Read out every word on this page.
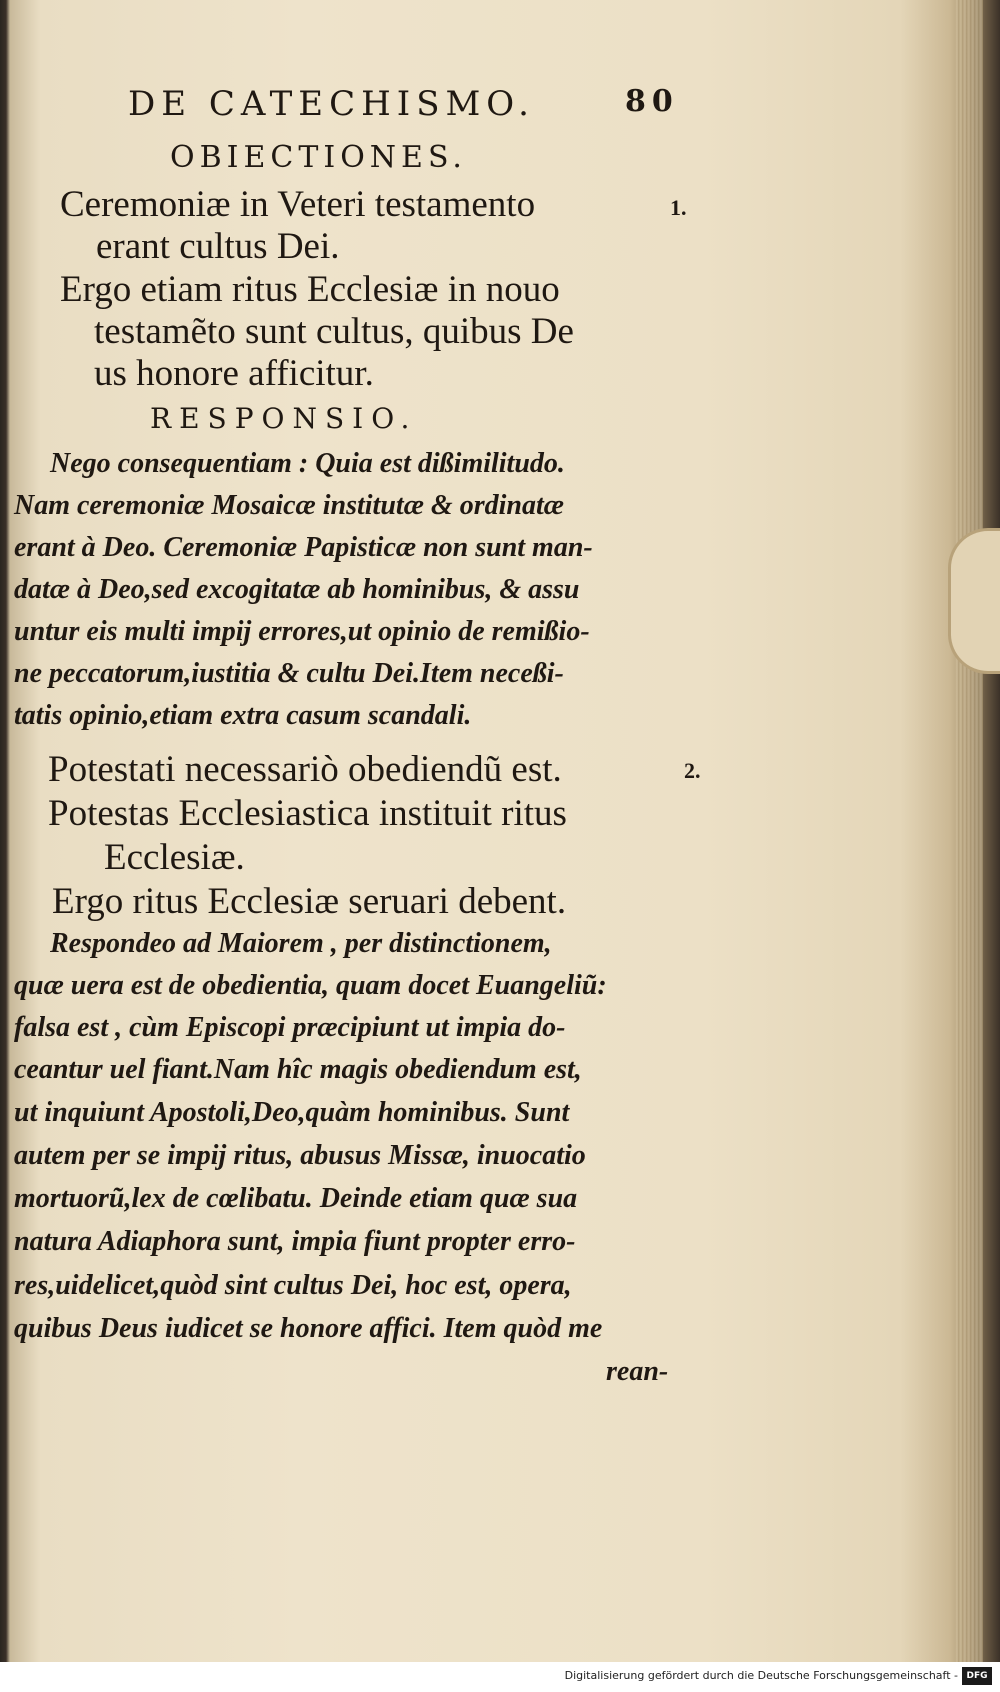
DE CATECHISMO.	80
OBIECTIONES.
Ceremoniæ in Veteri testamento
erant cultus Dei.
1.
Ergo etiam ritus Ecclesiæ in nouo
testamẽto sunt cultus, quibus De
us honore afficitur.
RESPONSIO.
Nego consequentiam : Quia est dißimilitudo.
Nam ceremoniæ Mosaicæ institutæ & ordinatæ
erant à Deo. Ceremoniæ Papisticæ non sunt man-
datæ à Deo,sed excogitatæ ab hominibus, & assu
untur eis multi impij errores,ut opinio de remißio-
ne peccatorum,iustitia & cultu Dei.Item neceßi-
tatis opinio,etiam extra casum scandali.
Potestati necessariò obediendũ est.	2.
Potestas Ecclesiastica instituit ritus
Ecclesiæ.
Ergo ritus Ecclesiæ seruari debent.
Respondeo ad Maiorem , per distinctionem,
quæ uera est de obedientia, quam docet Euangeliũ:
falsa est , cùm Episcopi præcipiunt ut impia do-
ceantur uel fiant.Nam hîc magis obediendum est,
ut inquiunt Apostoli,Deo,quàm hominibus. Sunt
autem per se impij ritus, abusus Missæ, inuocatio
mortuorũ,lex de cœlibatu. Deinde etiam quæ sua
natura Adiaphora sunt, impia fiunt propter erro-
res,uidelicet,quòd sint cultus Dei, hoc est, opera,
quibus Deus iudicet se honore affici. Item quòd me
rean-
Digitalisierung gefördert durch die Deutsche Forschungsgemeinschaft - DFG
